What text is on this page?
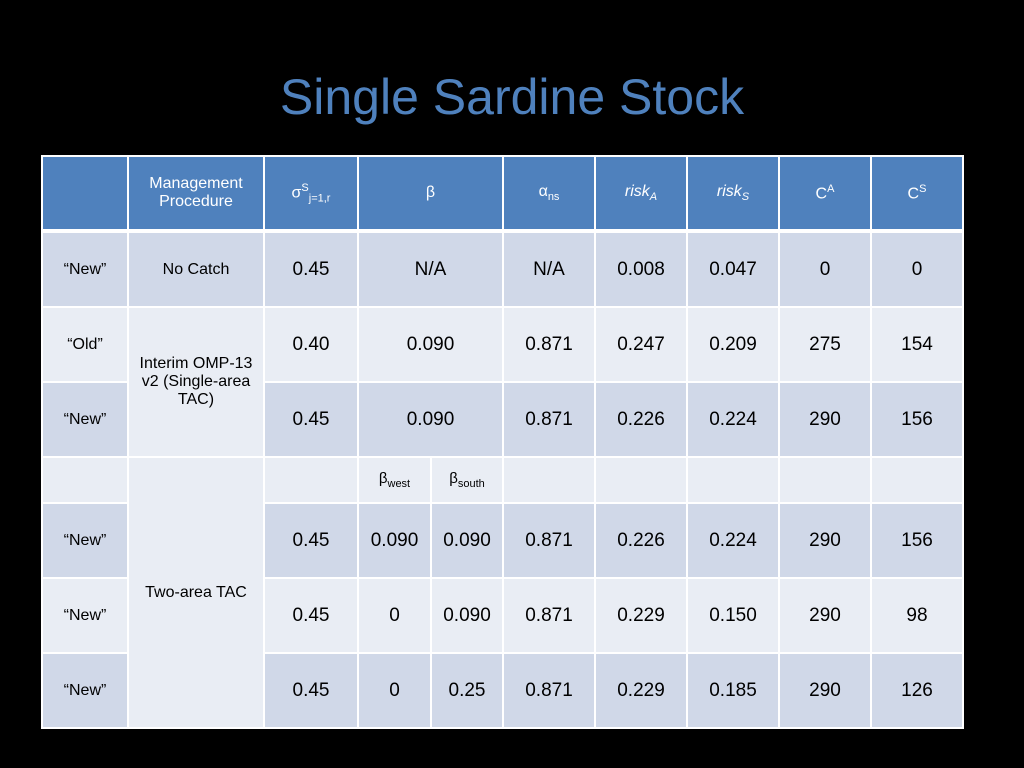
Single Sardine Stock
	Management Procedure	$\sigma^S_{j=1,r}$	β		$\alpha_{ns}$	risk$_A$	risk$_S$	$C^A$	$C^S$
“New”	No Catch	0.45	N/A		N/A	0.008	0.047	0	0
“Old”	Interim OMP-13 v2 (Single-area TAC)	0.40	0.090		0.871	0.247	0.209	275	154
“New”		0.45	0.090		0.871	0.226	0.224	290	156
	Two-area TAC		$\beta_{west}$	$\beta_{south}$					
“New”		0.45	0.090	0.090	0.871	0.226	0.224	290	156
“New”		0.45	0	0.090	0.871	0.229	0.150	290	98
“New”		0.45	0	0.25	0.871	0.229	0.185	290	126
